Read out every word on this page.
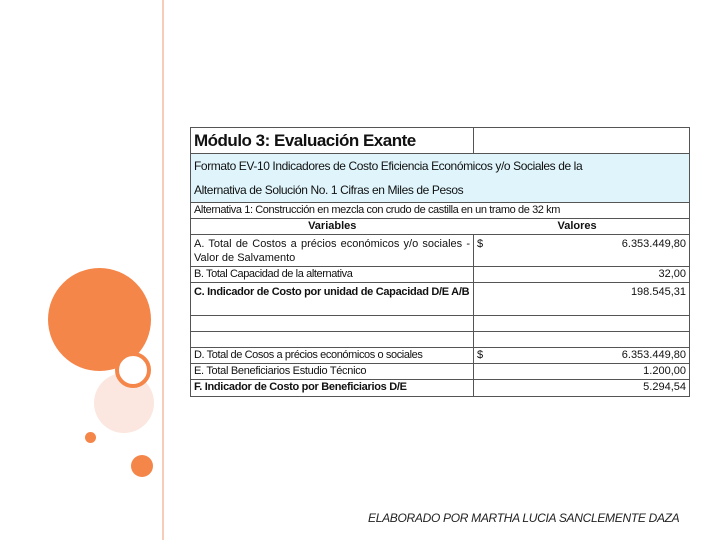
Módulo 3: Evaluación Exante	

Formato EV-10 Indicadores de Costo Eficiencia Económicos y/o Sociales de la
Alternativa de Solución No. 1 Cifras en Miles de Pesos	

Alternativa 1: Construcción en mezcla con crudo de castilla en un tramo de 32 km	
Variables	Valores
A. Total de Costos a précios económicos y/o sociales - Valor de Salvamento	$ 6.353.449,80

B. Total Capacidad de la alternativa	32,00
C. Indicador de Costo por unidad de Capacidad D/E A/B	198.545,31

D. Total de Cosos a précios económicos o sociales	$ 6.353.449,80

E. Total Beneficiarios Estudio Técnico	1.200,00
F. Indicador de Costo por Beneficiarios D/E	5.294,54
ELABORADO POR MARTHA LUCIA SANCLEMENTE DAZA
